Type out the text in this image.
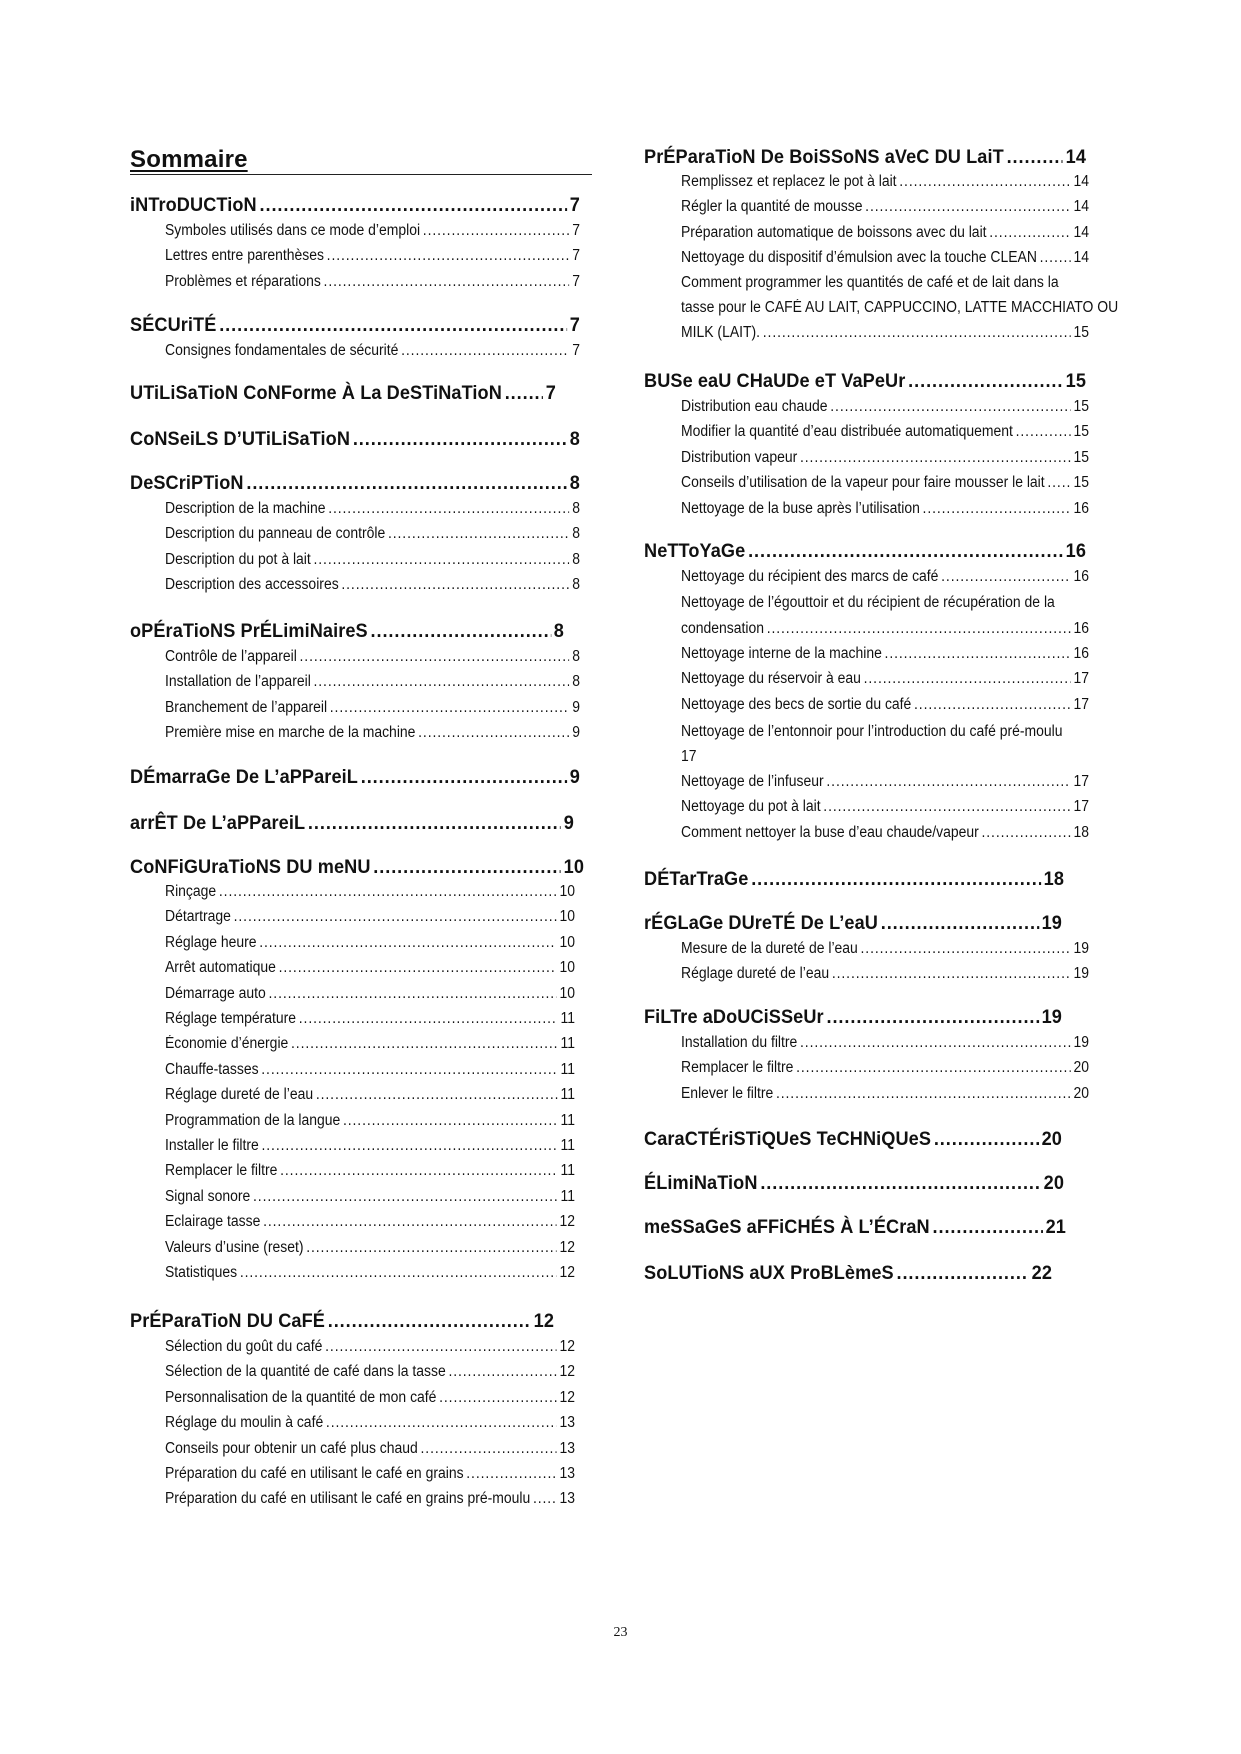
Sommaire
iNTroDUCTioN .....	7
Symboles utilisés dans ce mode d’emploi .....	7
Lettres entre parenthèses .....	7
Problèmes et réparations .....	7
SÉCUriTÉ .....	7
Consignes fondamentales de sécurité .....	7
UTiLiSaTioN CoNForme À La DeSTiNaTioN ..... 7
CoNSeiLS D’UTiLiSaTioN .....	8
DeSCriPTioN .....	8
Description de la machine .....	8
Description du panneau de contrôle .....	8
Description du pot à lait .....	8
Description des accessoires .....	8
oPÉraTioNS PrÉLimiNaireS .....	8
Contrôle de l’appareil .....	8
Installation de l’appareil .....	8
Branchement de l’appareil .....	9
Première mise en marche de la machine .....	9
DÉmarraGe De L’aPPareiL .....	9
arrÊT De L’aPPareiL .....	9
CoNFiGUraTioNS DU meNU .....	10
Rinçage .....	10
Détartrage .....	10
Réglage heure .....	10
Arrêt automatique .....	10
Démarrage auto .....	10
Réglage température .....	11
Économie d’énergie .....	11
Chauffe-tasses .....	11
Réglage dureté de l’eau .....	11
Programmation de la langue .....	11
Installer le filtre .....	11
Remplacer le filtre .....	11
Signal sonore .....	11
Eclairage tasse .....	12
Valeurs d’usine (reset) .....	12
Statistiques .....	12
PrÉParaTioN DU CaFÉ .....	12
Sélection du goût du café .....	12
Sélection de la quantité de café dans la tasse .....	12
Personnalisation de la quantité de mon café .....	12
Réglage du moulin à café .....	13
Conseils pour obtenir un café plus chaud .....	13
Préparation du café en utilisant le café en grains .....	13
Préparation du café en utilisant le café en grains pré-moulu ..... 13
PrÉParaTioN De BoiSSoNS aVeC DU LaiT .....	14
Remplissez et replacez le pot à lait .....	14
Régler la quantité de mousse .....	14
Préparation automatique de boissons avec du lait .....	14
Nettoyage du dispositif d’émulsion avec la touche CLEAN ..... 14
Comment programmer les quantités de café et de lait dans la
tasse pour le CAFÉ AU LAIT, CAPPUCCINO, LATTE MACCHIATO OU
MILK (LAIT). .....	15
BUSe eaU CHaUDe eT VaPeUr .....	15
Distribution eau chaude .....	15
Modifier la quantité d’eau distribuée automatiquement .....	15
Distribution vapeur .....	15
Conseils d’utilisation de la vapeur pour faire mousser le lait ..... 15
Nettoyage de la buse après l’utilisation .....	16
NeTToYaGe .....	16
Nettoyage du récipient des marcs de café .....	16
Nettoyage de l’égouttoir et du récipient de récupération de la
condensation .....	16
Nettoyage interne de la machine .....	16
Nettoyage du réservoir à eau .....	17
Nettoyage des becs de sortie du café .....	17
Nettoyage de l’entonnoir pour l’introduction du café pré-moulu
17
Nettoyage de l’infuseur .....	17
Nettoyage du pot à lait .....	17
Comment nettoyer la buse d’eau chaude/vapeur .....	18
DÉTarTraGe .....	18
rÉGLaGe DUreTÉ De L’eaU .....	19
Mesure de la dureté de l’eau .....	19
Réglage dureté de l’eau .....	19
FiLTre aDoUCiSSeUr .....	19
Installation du filtre .....	19
Remplacer le filtre .....	20
Enlever le filtre .....	20
CaraCTÉriSTiQUeS TeCHNiQUeS .....	20
ÉLimiNaTioN .....	20
meSSaGeS aFFiCHÉS À L’ÉCraN .....	21
SoLUTioNS aUX ProBLèmeS .....	22
23
